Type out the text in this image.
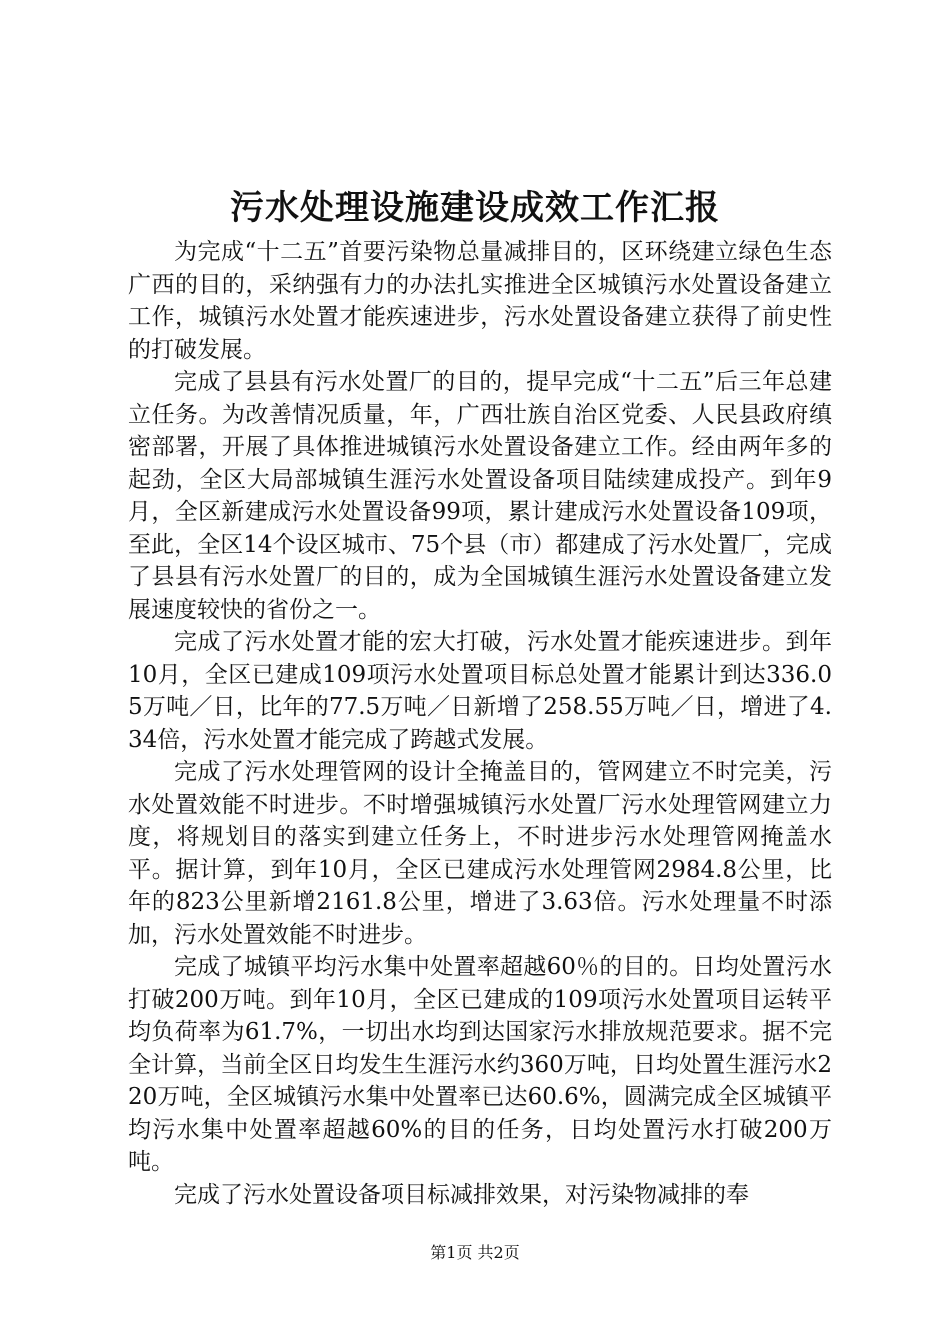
污水处理设施建设成效工作汇报

为完成“十二五”首要污染物总量减排目的，区环绕建立绿色生态广西的目的，采纳强有力的办法扎实推进全区城镇污水处置设备建立工作，城镇污水处置才能疾速进步，污水处置设备建立获得了前史性的打破发展。

完成了县县有污水处置厂的目的，提早完成“十二五”后三年总建立任务。为改善情况质量，年，广西壮族自治区党委、人民县政府缜密部署，开展了具体推进城镇污水处置设备建立工作。经由两年多的起劲，全区大局部城镇生涯污水处置设备项目陆续建成投产。到年9月，全区新建成污水处置设备99项，累计建成污水处置设备109项，至此，全区14个设区城市、75个县（市）都建成了污水处置厂，完成了县县有污水处置厂的目的，成为全国城镇生涯污水处置设备建立发展速度较快的省份之一。

完成了污水处置才能的宏大打破，污水处置才能疾速进步。到年10月，全区已建成109项污水处置项目标总处置才能累计到达336.05万吨／日，比年的77.5万吨／日新增了258.55万吨／日，增进了4.34倍，污水处置才能完成了跨越式发展。

完成了污水处理管网的设计全掩盖目的，管网建立不时完美，污水处置效能不时进步。不时增强城镇污水处置厂污水处理管网建立力度，将规划目的落实到建立任务上，不时进步污水处理管网掩盖水平。据计算，到年10月，全区已建成污水处理管网2984.8公里，比年的823公里新增2161.8公里，增进了3.63倍。污水处理量不时添加，污水处置效能不时进步。

完成了城镇平均污水集中处置率超越60％的目的。日均处置污水打破200万吨。到年10月，全区已建成的109项污水处置项目运转平均负荷率为61.7%，一切出水均到达国家污水排放规范要求。据不完全计算，当前全区日均发生生涯污水约360万吨，日均处置生涯污水220万吨，全区城镇污水集中处置率已达60.6%，圆满完成全区城镇平均污水集中处置率超越60%的目的任务，日均处置污水打破200万吨。

完成了污水处置设备项目标减排效果，对污染物减排的奉

第1页 共2页
